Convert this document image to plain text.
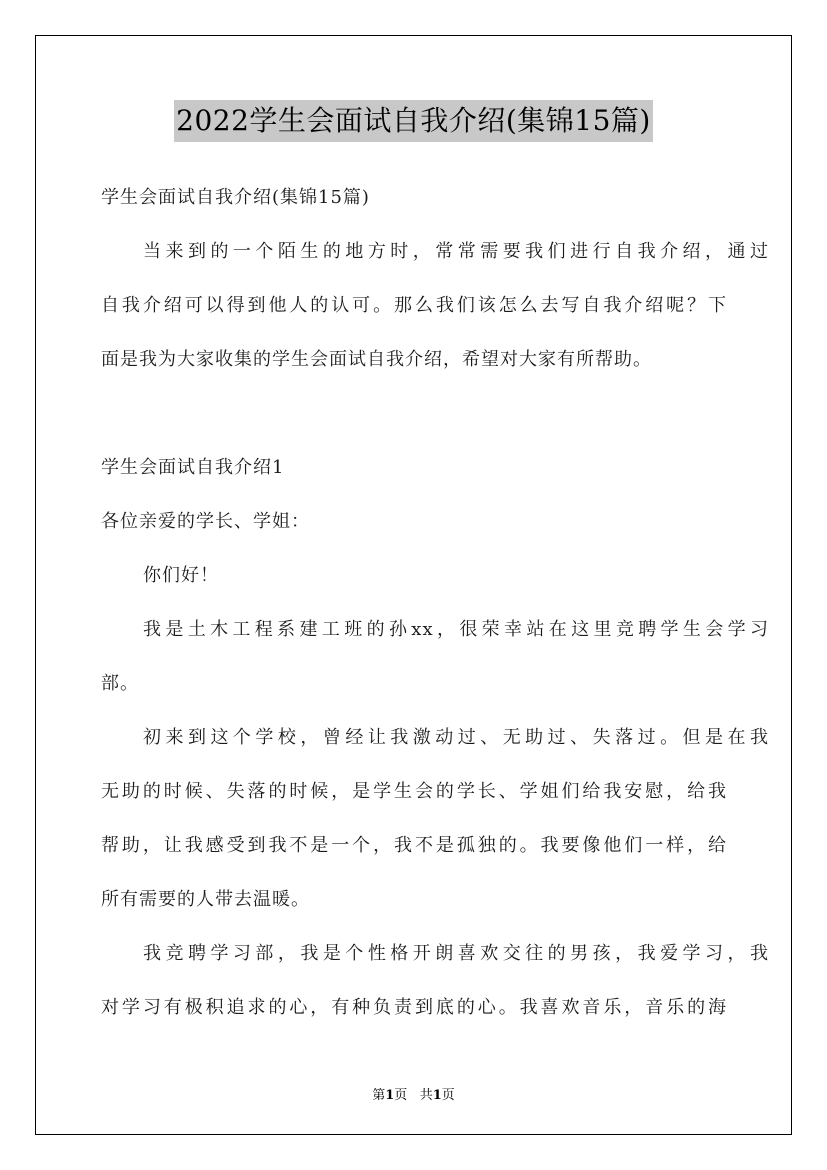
2022学生会面试自我介绍(集锦15篇)

学生会面试自我介绍(集锦15篇)

当来到的一个陌生的地方时，常常需要我们进行自我介绍，通过

自我介绍可以得到他人的认可。那么我们该怎么去写自我介绍呢？下

面是我为大家收集的学生会面试自我介绍，希望对大家有所帮助。

学生会面试自我介绍1

各位亲爱的学长、学姐：

你们好！

我是土木工程系建工班的孙xx，很荣幸站在这里竞聘学生会学习

部。

初来到这个学校，曾经让我激动过、无助过、失落过。但是在我

无助的时候、失落的时候，是学生会的学长、学姐们给我安慰，给我

帮助，让我感受到我不是一个，我不是孤独的。我要像他们一样，给

所有需要的人带去温暖。

我竞聘学习部，我是个性格开朗喜欢交往的男孩，我爱学习，我

对学习有极积追求的心，有种负责到底的心。我喜欢音乐，音乐的海

第1页 共1页
